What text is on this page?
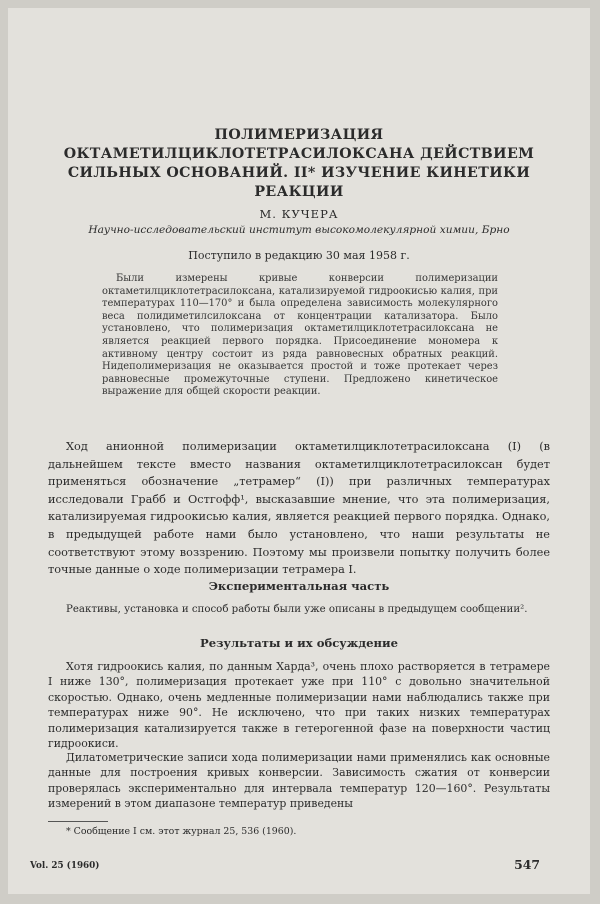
ПОЛИМЕРИЗАЦИЯ ОКТАМЕТИЛЦИКЛОТЕТРАСИЛОКСАНА ДЕЙСТВИЕМ СИЛЬНЫХ ОСНОВАНИЙ. II* ИЗУЧЕНИЕ КИНЕТИКИ РЕАКЦИИ

М. КУЧЕРА

Научно-исследовательский институт высокомолекулярной химии, Брно

Поступило в редакцию 30 мая 1958 г.

Были измерены кривые конверсии полимеризации октаметилциклотетрасилоксана, катализируемой гидроокисью калия, при температурах 110—170° и была определена зависимость молекулярного веса полидиметилсилоксана от концентрации катализатора. Было установлено, что полимеризация октаметилциклотетрасилоксана не является реакцией первого порядка. Присоединение мономера к активному центру состоит из ряда равновесных обратных реакций. Нидеполимеризация не оказывается простой и тоже протекает через равновесные промежуточные ступени. Предложено кинетическое выражение для общей скорости реакции.

Ход анионной полимеризации октаметилциклотетрасилоксана (I) (в дальнейшем тексте вместо названия октаметилциклотетрасилоксан будет применяться обозначение „тетрамер“ (I)) при различных температурах исследовали Грабб и Остгофф¹, высказавшие мнение, что эта полимеризация, катализируемая гидроокисью калия, является реакцией первого порядка. Однако, в предыдущей работе нами было установлено, что наши результаты не соответствуют этому воззрению. Поэтому мы произвели попытку получить более точные данные о ходе полимеризации тетрамера I.

Экспериментальная часть

Реактивы, установка и способ работы были уже описаны в предыдущем сообщении².

Результаты и их обсуждение

Хотя гидроокись калия, по данным Харда³, очень плохо растворяется в тетрамере I ниже 130°, полимеризация протекает уже при 110° с довольно значительной скоростью. Однако, очень медленные полимеризации нами наблюдались также при температурах ниже 90°. Не исключено, что при таких низких температурах полимеризация катализируется также в гетерогенной фазе на поверхности частиц гидроокиси.

Дилатометрические записи хода полимеризации нами применялись как основные данные для построения кривых конверсии. Зависимость сжатия от конверсии проверялась экспериментально для интервала температур 120—160°. Результаты измерений в этом диапазоне температур приведены

* Сообщение I см. этот журнал 25, 536 (1960).

Vol. 25 (1960)	547
